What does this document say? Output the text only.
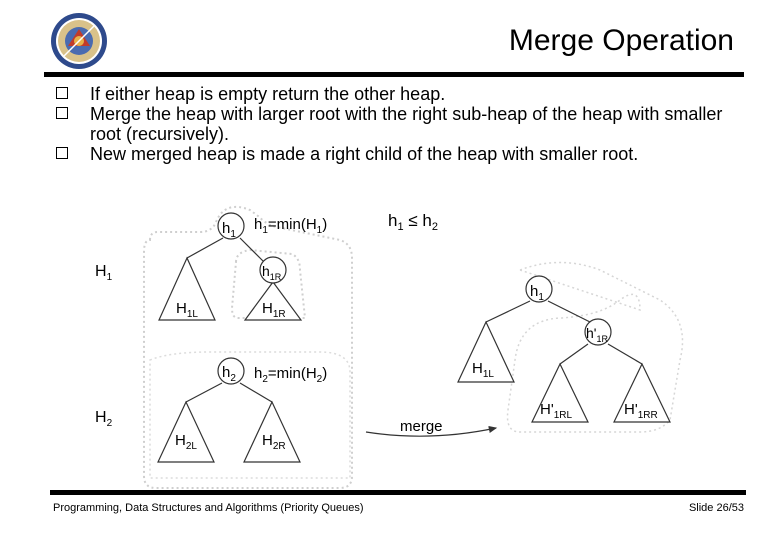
Merge Operation
If either heap is empty return the other heap.
Merge the heap with larger root with the right sub-heap of the heap with smaller root (recursively).
New merged heap is made a right child of the heap with smaller root.
$h_1 \le h_2$
$H_1$
$h_1$
$h_1=\min(H_1)$
$H_{1L}$
$h_{1R}$
$H_{1R}$
$H_2$
$h_2$ $h_2=\min(H_2)$
$H_{2L}$	$H_{2R}$
merge
$h_1$
$H_{1L}$
$h'_{1R}$
$H'_{1RL}$	$H'_{1RR}$
Programming, Data Structures and Algorithms (Priority Queues)	Slide 26/53
